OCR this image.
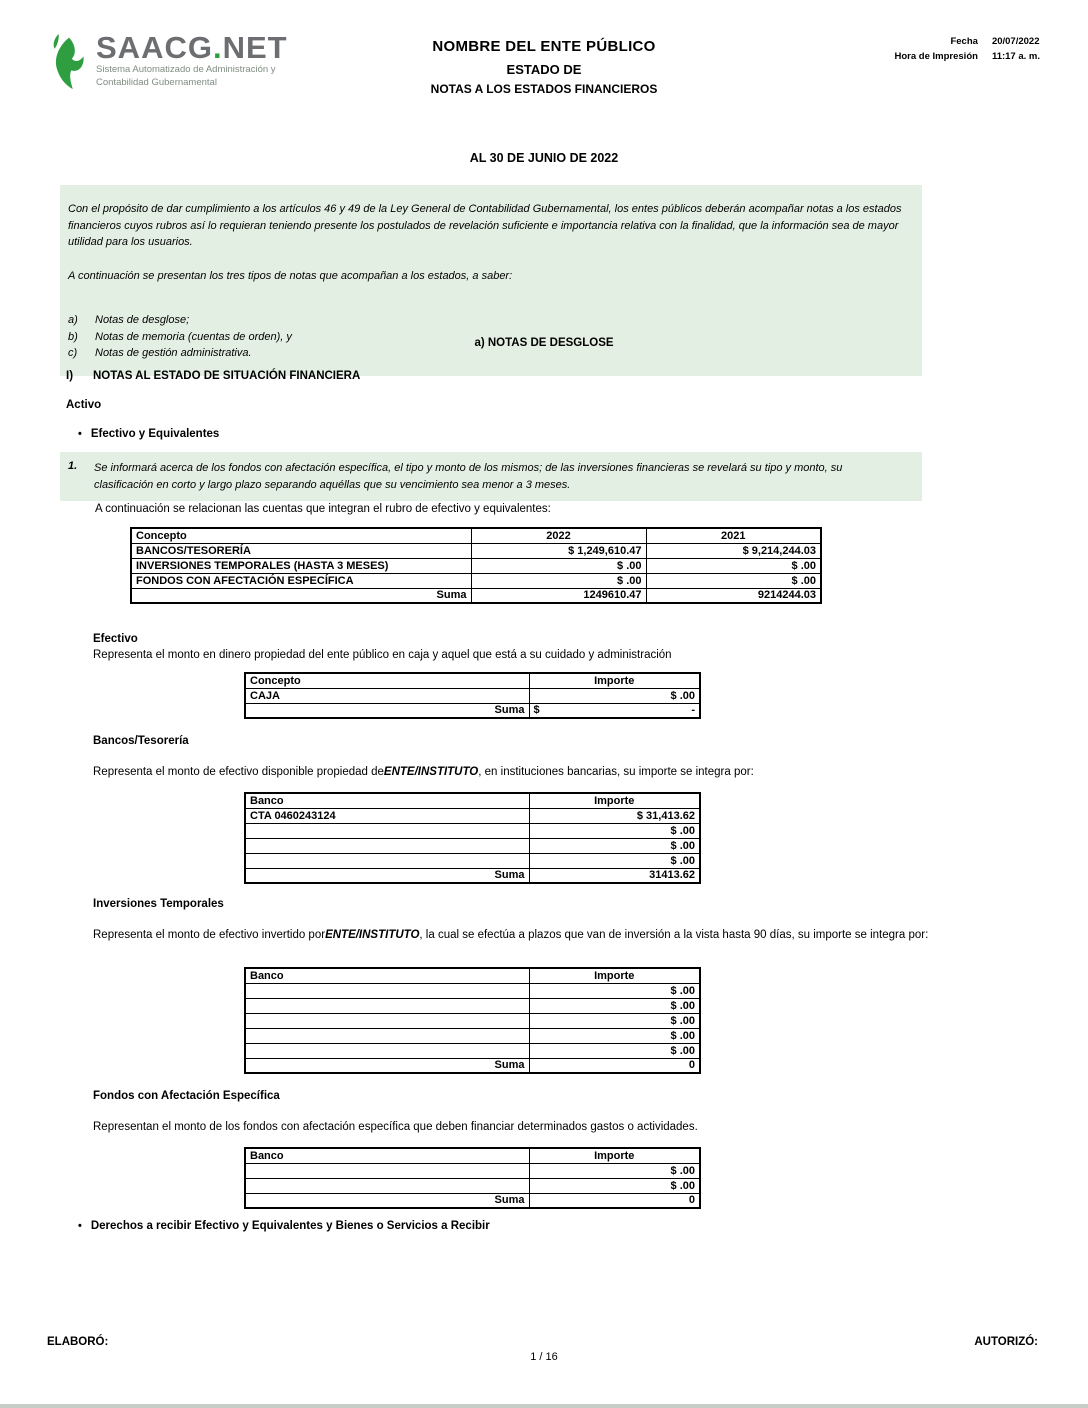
SAACG.NET
Sistema Automatizado de Administración y
Contabilidad Gubernamental
NOMBRE DEL ENTE PÚBLICO
ESTADO DE
NOTAS A LOS ESTADOS FINANCIEROS
Fecha 20/07/2022
Hora de Impresión 11:17 a. m.
AL 30 DE JUNIO DE 2022
Con el propósito de dar cumplimiento a los artículos 46 y 49 de la Ley General de Contabilidad Gubernamental, los entes públicos deberán acompañar notas a los estados financieros cuyos rubros así lo requieran teniendo presente los postulados de revelación suficiente e importancia relativa con la finalidad, que la información sea de mayor utilidad para los usuarios.
A continuación se presentan los tres tipos de notas que acompañan a los estados, a saber:
a)	Notas de desglose;
b)	Notas de memoria (cuentas de orden), y
c)	Notas de gestión administrativa.
a) NOTAS DE DESGLOSE
I)	NOTAS AL ESTADO DE SITUACIÓN FINANCIERA
Activo
• Efectivo y Equivalentes
1.	Se informará acerca de los fondos con afectación específica, el tipo y monto de los mismos; de las inversiones financieras se revelará su tipo y monto, su clasificación en corto y largo plazo separando aquéllas que su vencimiento sea menor a 3 meses.
A continuación se relacionan las cuentas que integran el rubro de efectivo y equivalentes:
Concepto	2022	2021
BANCOS/TESORERÍA	$ 1,249,610.47	$ 9,214,244.03
INVERSIONES TEMPORALES (HASTA 3 MESES)	$ .00	$ .00
FONDOS CON AFECTACIÓN ESPECÍFICA	$ .00	$ .00
Suma	1249610.47	9214244.03
Efectivo
Representa el monto en dinero propiedad del ente público en caja y aquel que está a su cuidado y administración
Concepto	Importe
CAJA	$ .00
Suma	$ -
Bancos/Tesorería
Representa el monto de efectivo disponible propiedad deENTE/INSTITUTO, en instituciones bancarias, su importe se integra por:
Banco	Importe
CTA 0460243124	$ 31,413.62
	$ .00
	$ .00
	$ .00
Suma	31413.62
Inversiones Temporales
Representa el monto de efectivo invertido porENTE/INSTITUTO, la cual se efectúa a plazos que van de inversión a la vista hasta 90 días, su importe se integra por:
Banco	Importe
	$ .00
	$ .00
	$ .00
	$ .00
	$ .00
Suma	0
Fondos con Afectación Específica
Representan el monto de los fondos con afectación específica que deben financiar determinados gastos o actividades.
Banco	Importe
	$ .00
	$ .00
Suma	0
• Derechos a recibir Efectivo y Equivalentes y Bienes o Servicios a Recibir
ELABORÓ:	AUTORIZÓ:
1 / 16
